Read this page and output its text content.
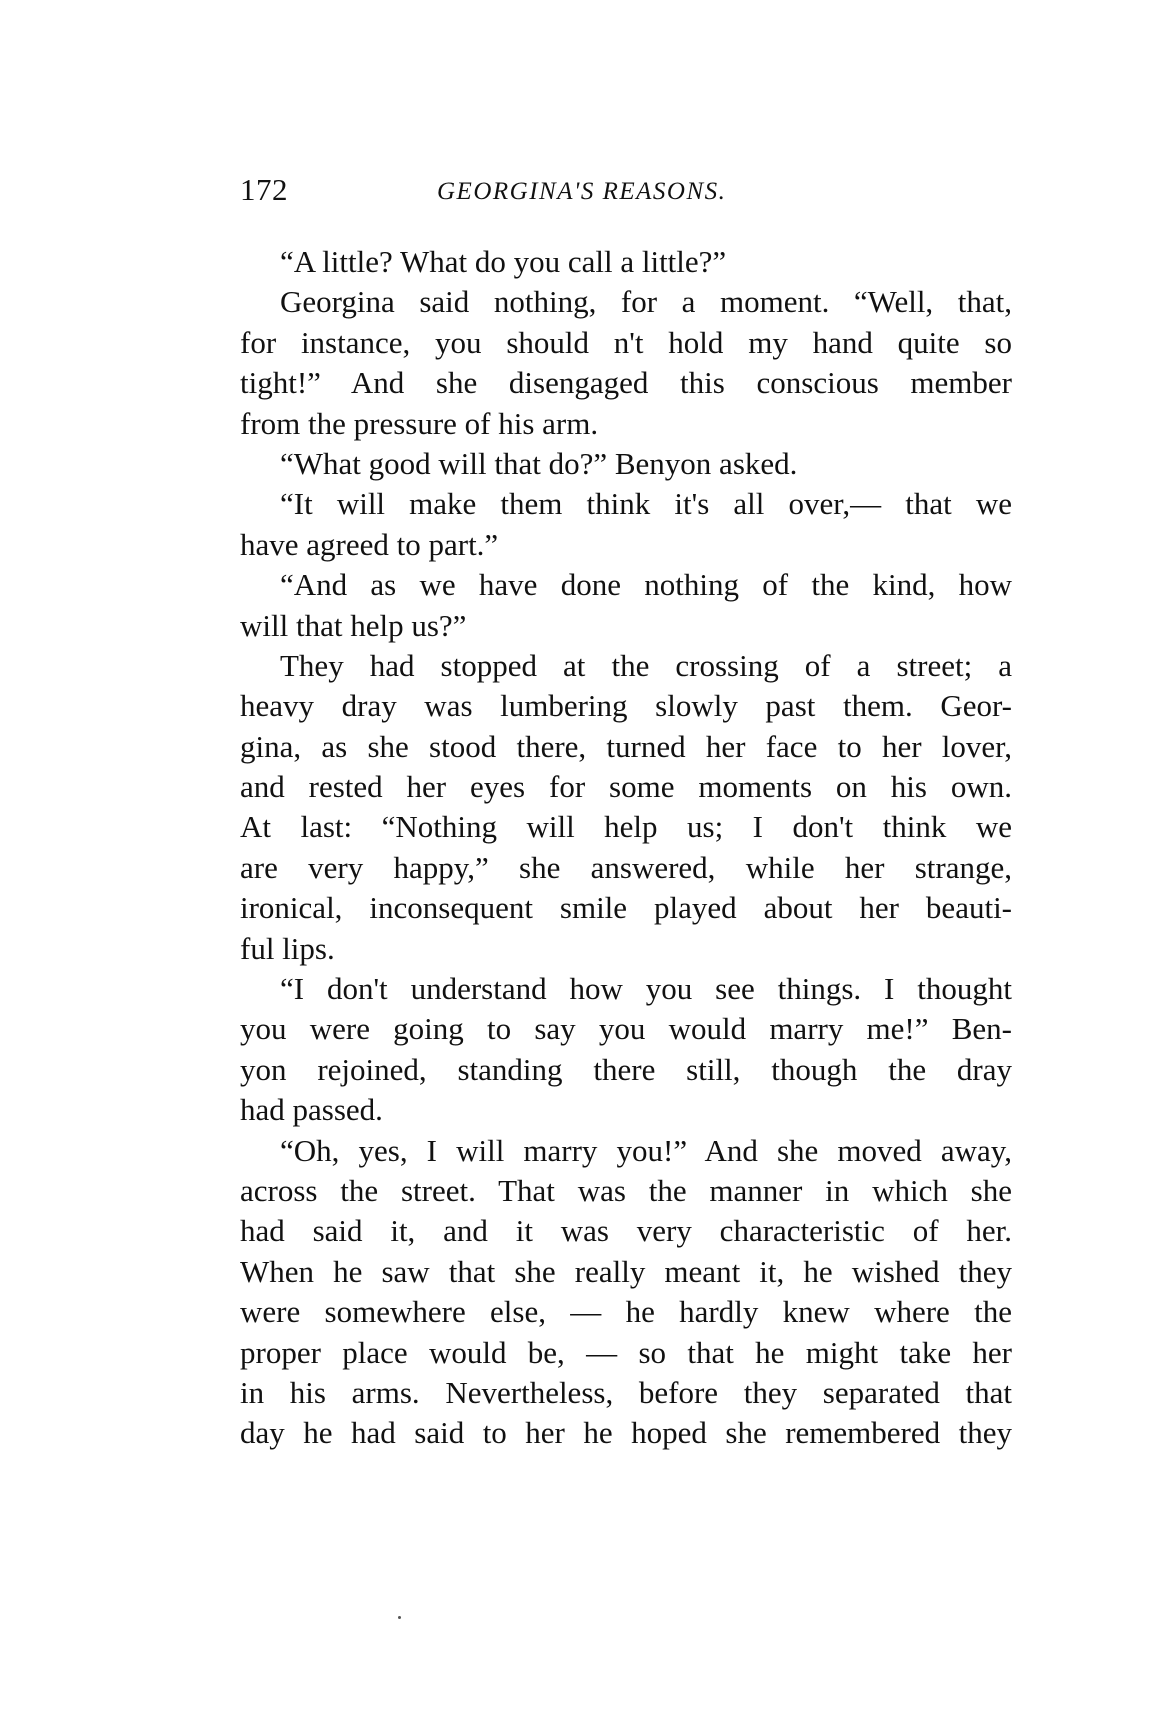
172	GEORGINA'S REASONS.
“A little? What do you call a little?”
Georgina said nothing, for a moment. “Well, that,
for instance, you should n't hold my hand quite so
tight!” And she disengaged this conscious member
from the pressure of his arm.
“What good will that do?” Benyon asked.
“It will make them think it's all over,— that we
have agreed to part.”
“And as we have done nothing of the kind, how
will that help us?”
They had stopped at the crossing of a street; a
heavy dray was lumbering slowly past them. Geor-
gina, as she stood there, turned her face to her lover,
and rested her eyes for some moments on his own.
At last: “Nothing will help us; I don't think we
are very happy,” she answered, while her strange,
ironical, inconsequent smile played about her beauti-
ful lips.
“I don't understand how you see things. I thought
you were going to say you would marry me!” Ben-
yon rejoined, standing there still, though the dray
had passed.
“Oh, yes, I will marry you!” And she moved away,
across the street. That was the manner in which she
had said it, and it was very characteristic of her.
When he saw that she really meant it, he wished they
were somewhere else, — he hardly knew where the
proper place would be, — so that he might take her
in his arms. Nevertheless, before they separated that
day he had said to her he hoped she remembered they
